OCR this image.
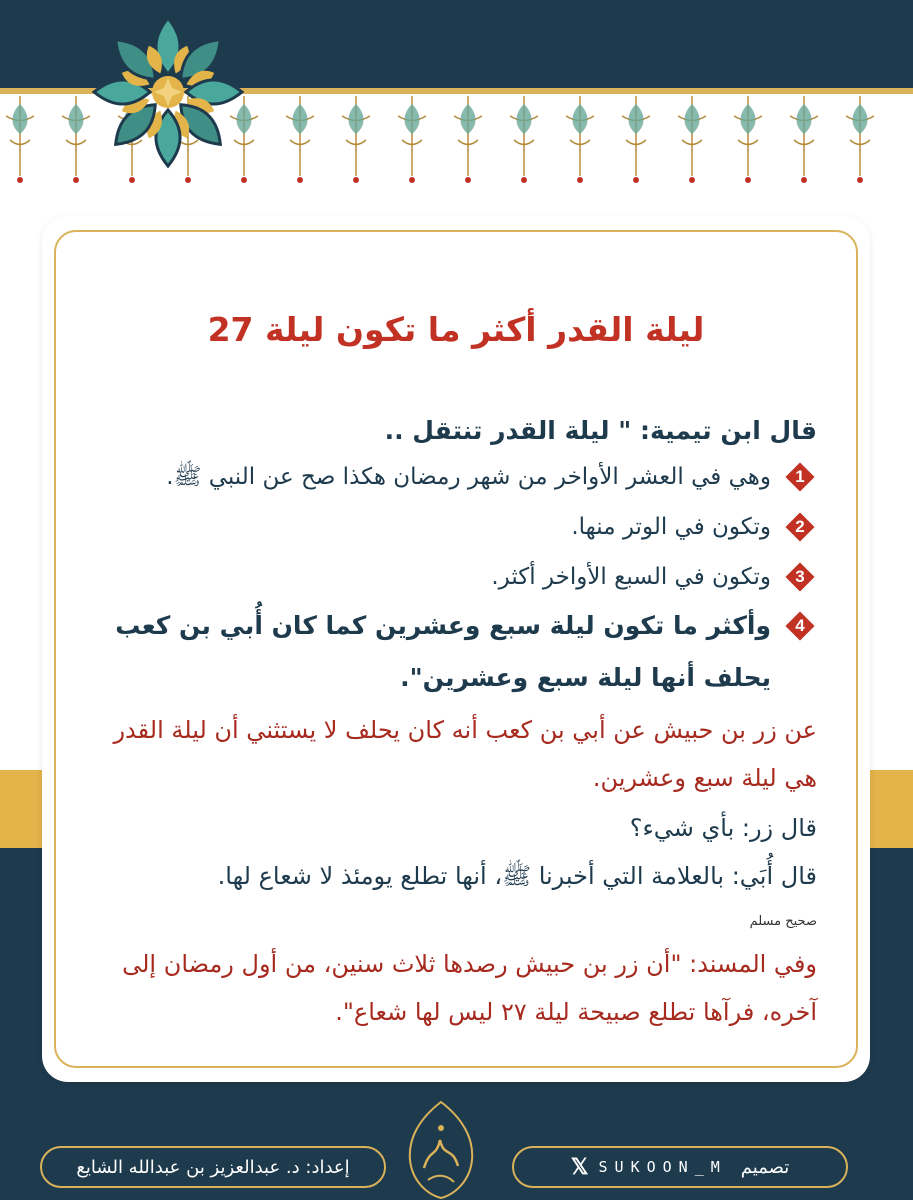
ليلة القدر أكثر ما تكون ليلة 27
قال ابن تيمية: " ليلة القدر تنتقل ..
1
وهي في العشر الأواخر من شهر رمضان هكذا صح عن النبي ﷺ.
2
وتكون في الوتر منها.
3
وتكون في السبع الأواخر أكثر.
4
وأكثر ما تكون ليلة سبع وعشرين كما كان أُبي بن كعب يحلف أنها ليلة سبع وعشرين".
عن زر بن حبيش عن أبي بن كعب أنه كان يحلف لا يستثني أن ليلة القدر هي ليلة سبع وعشرين.
قال زر: بأي شيء؟
قال أُبَي: بالعلامة التي أخبرنا ﷺ، أنها تطلع يومئذ لا شعاع لها.
صحيح مسلم
وفي المسند: "أن زر بن حبيش رصدها ثلاث سنين، من أول رمضان إلى آخره، فرآها تطلع صبيحة ليلة ٢٧ ليس لها شعاع".
إعداد: د. عبدالعزيز بن عبدالله الشايع	تصميم
SUKOON_M
𝕏
